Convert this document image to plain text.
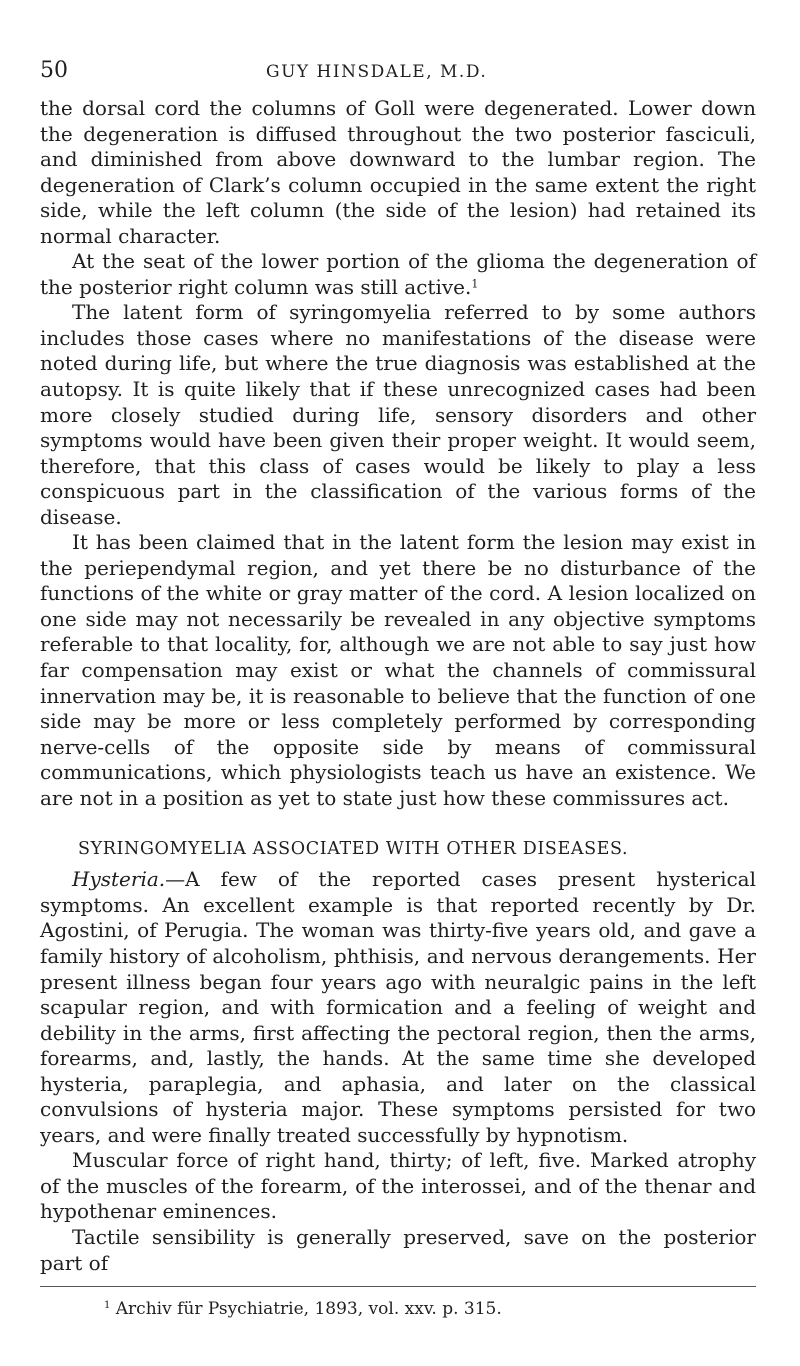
50	GUY HINSDALE, M.D.

the dorsal cord the columns of Goll were degenerated. Lower down the degeneration is diffused throughout the two posterior fasciculi, and diminished from above downward to the lumbar region. The degeneration of Clark’s column occupied in the same extent the right side, while the left column (the side of the lesion) had retained its normal character.

At the seat of the lower portion of the glioma the degeneration of the posterior right column was still active.$^1$

The latent form of syringomyelia referred to by some authors includes those cases where no manifestations of the disease were noted during life, but where the true diagnosis was established at the autopsy. It is quite likely that if these unrecognized cases had been more closely studied during life, sensory disorders and other symptoms would have been given their proper weight. It would seem, therefore, that this class of cases would be likely to play a less conspicuous part in the classification of the various forms of the disease.

It has been claimed that in the latent form the lesion may exist in the periependymal region, and yet there be no disturbance of the functions of the white or gray matter of the cord. A lesion localized on one side may not necessarily be revealed in any objective symptoms referable to that locality, for, although we are not able to say just how far compensation may exist or what the channels of commissural innervation may be, it is reasonable to believe that the function of one side may be more or less completely performed by corresponding nerve-cells of the opposite side by means of commissural communications, which physiologists teach us have an existence. We are not in a position as yet to state just how these commissures act.

SYRINGOMYELIA ASSOCIATED WITH OTHER DISEASES.

Hysteria.—A few of the reported cases present hysterical symptoms. An excellent example is that reported recently by Dr. Agostini, of Perugia. The woman was thirty-five years old, and gave a family history of alcoholism, phthisis, and nervous derangements. Her present illness began four years ago with neuralgic pains in the left scapular region, and with formication and a feeling of weight and debility in the arms, first affecting the pectoral region, then the arms, forearms, and, lastly, the hands. At the same time she developed hysteria, paraplegia, and aphasia, and later on the classical convulsions of hysteria major. These symptoms persisted for two years, and were finally treated successfully by hypnotism.

Muscular force of right hand, thirty; of left, five. Marked atrophy of the muscles of the forearm, of the interossei, and of the thenar and hypothenar eminences.

Tactile sensibility is generally preserved, save on the posterior part of

$^1$ Archiv für Psychiatrie, 1893, vol. xxv. p. 315.
